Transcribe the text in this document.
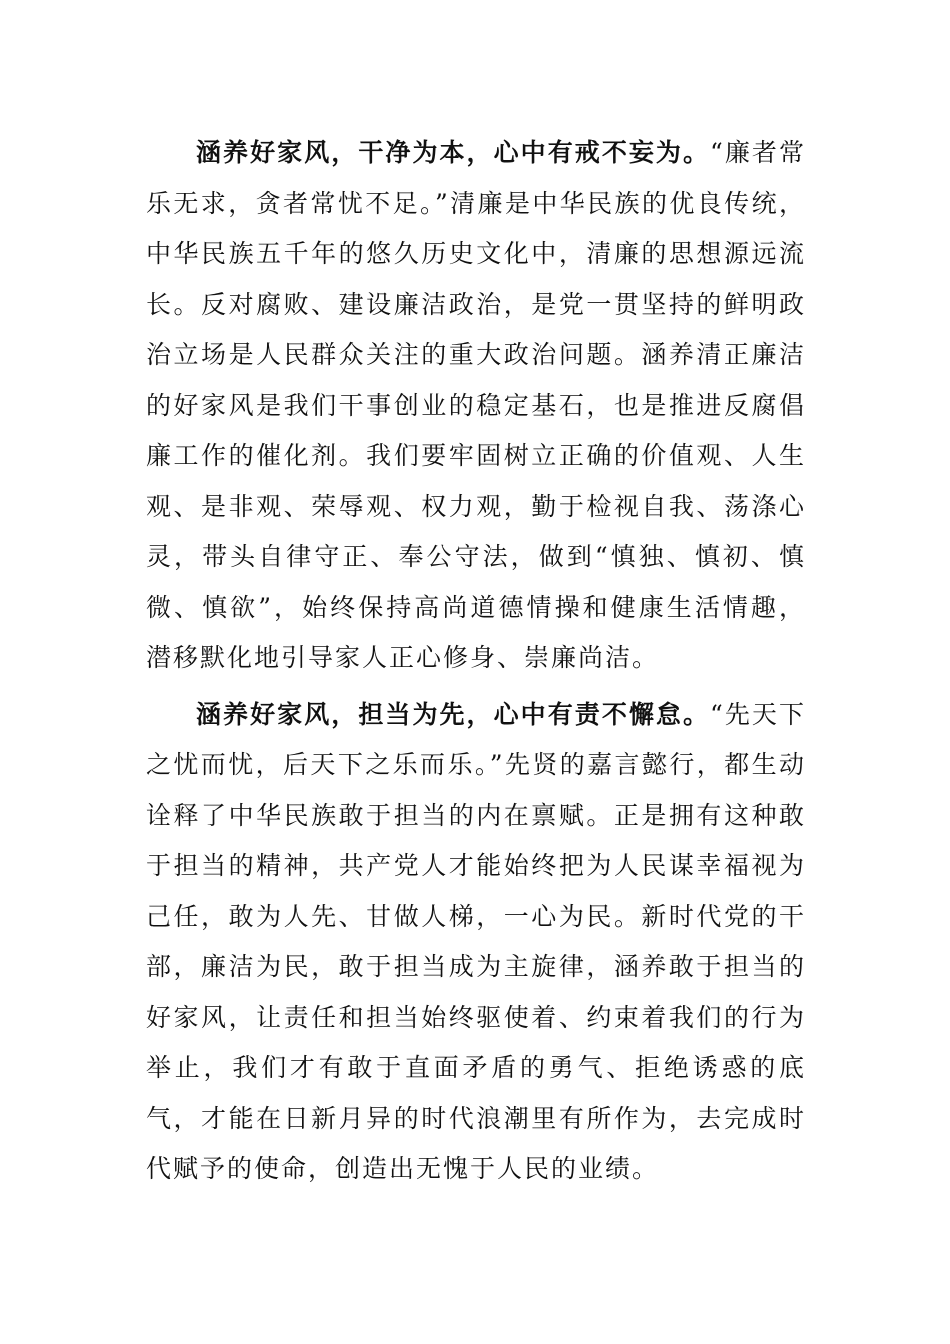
涵养好家风，干净为本，心中有戒不妄为。“廉者常乐无求，贪者常忧不足。”清廉是中华民族的优良传统，中华民族五千年的悠久历史文化中，清廉的思想源远流长。反对腐败、建设廉洁政治，是党一贯坚持的鲜明政治立场是人民群众关注的重大政治问题。涵养清正廉洁的好家风是我们干事创业的稳定基石，也是推进反腐倡廉工作的催化剂。我们要牢固树立正确的价值观、人生观、是非观、荣辱观、权力观，勤于检视自我、荡涤心灵，带头自律守正、奉公守法，做到“慎独、慎初、慎微、慎欲”，始终保持高尚道德情操和健康生活情趣，潜移默化地引导家人正心修身、崇廉尚洁。

涵养好家风，担当为先，心中有责不懈怠。“先天下之忧而忧，后天下之乐而乐。”先贤的嘉言懿行，都生动诠释了中华民族敢于担当的内在禀赋。正是拥有这种敢于担当的精神，共产党人才能始终把为人民谋幸福视为己任，敢为人先、甘做人梯，一心为民。新时代党的干部，廉洁为民，敢于担当成为主旋律，涵养敢于担当的好家风，让责任和担当始终驱使着、约束着我们的行为举止，我们才有敢于直面矛盾的勇气、拒绝诱惑的底气，才能在日新月异的时代浪潮里有所作为，去完成时代赋予的使命，创造出无愧于人民的业绩。
